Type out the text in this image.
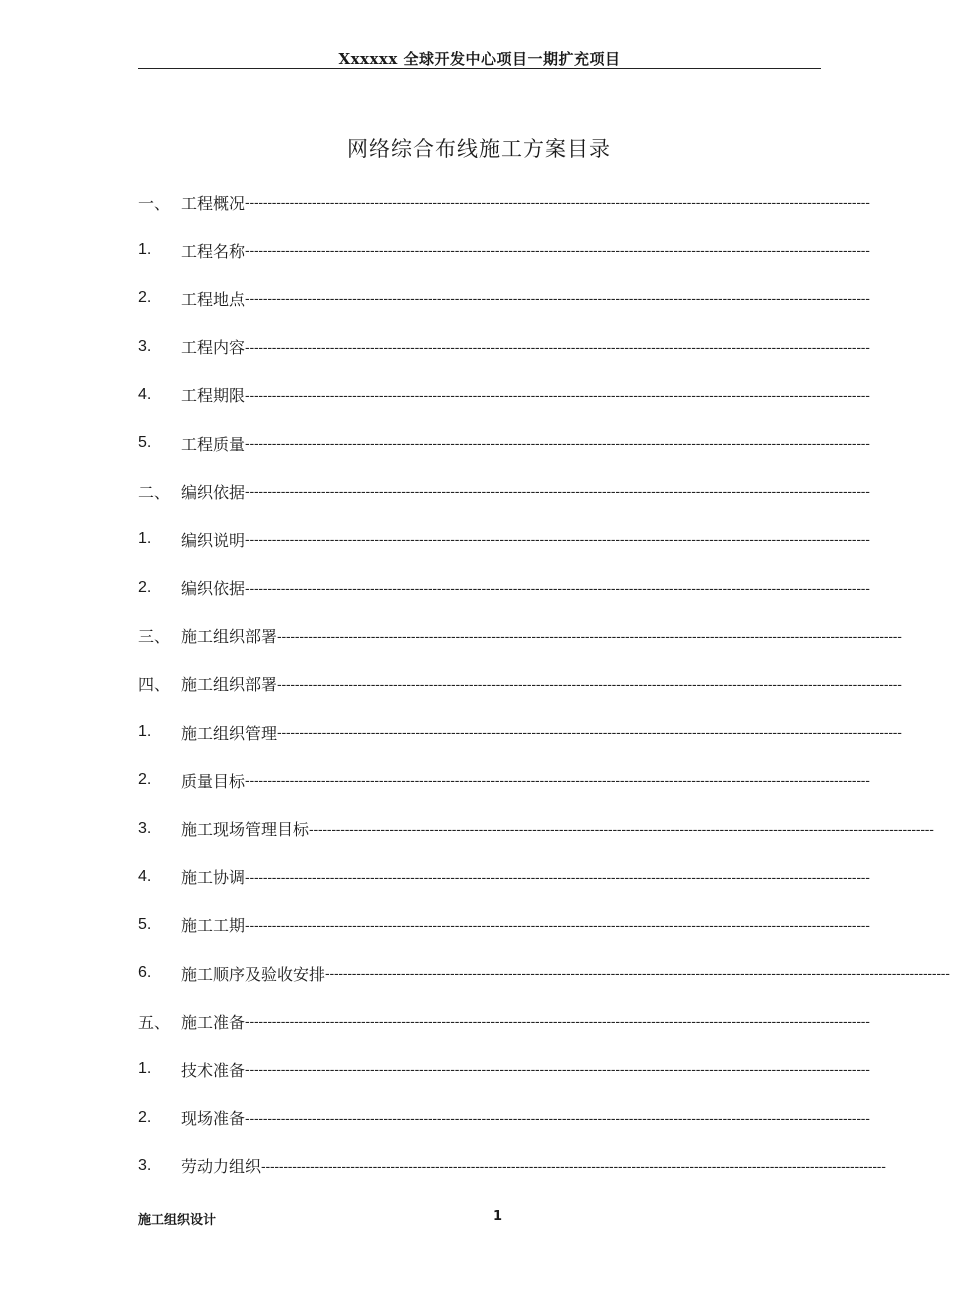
Xxxxxx 全球开发中心项目一期扩充项目
网络综合布线施工方案目录
一、 工程概况 --------------------------------------------------------------------------------------------------------------------------------------------
1.	工程名称 --------------------------------------------------------------------------------------------------------------------------------------------
2.	工程地点 --------------------------------------------------------------------------------------------------------------------------------------------
3.	工程内容 --------------------------------------------------------------------------------------------------------------------------------------------
4.	工程期限 --------------------------------------------------------------------------------------------------------------------------------------------
5.	工程质量 --------------------------------------------------------------------------------------------------------------------------------------------
二、 编织依据 --------------------------------------------------------------------------------------------------------------------------------------------
1.	编织说明 --------------------------------------------------------------------------------------------------------------------------------------------
2.	编织依据 --------------------------------------------------------------------------------------------------------------------------------------------
三、 施工组织部署 --------------------------------------------------------------------------------------------------------------------------------------------
四、 施工组织部署 --------------------------------------------------------------------------------------------------------------------------------------------
1.	施工组织管理 --------------------------------------------------------------------------------------------------------------------------------------------
2.	质量目标 --------------------------------------------------------------------------------------------------------------------------------------------
3.	施工现场管理目标 --------------------------------------------------------------------------------------------------------------------------------------------
4.	施工协调 --------------------------------------------------------------------------------------------------------------------------------------------
5.	施工工期 --------------------------------------------------------------------------------------------------------------------------------------------
6.	施工顺序及验收安排 --------------------------------------------------------------------------------------------------------------------------------------------
五、 施工准备 --------------------------------------------------------------------------------------------------------------------------------------------
1.	技术准备 --------------------------------------------------------------------------------------------------------------------------------------------
2.	现场准备 --------------------------------------------------------------------------------------------------------------------------------------------
3.	劳动力组织 --------------------------------------------------------------------------------------------------------------------------------------------
施工组织设计	1
